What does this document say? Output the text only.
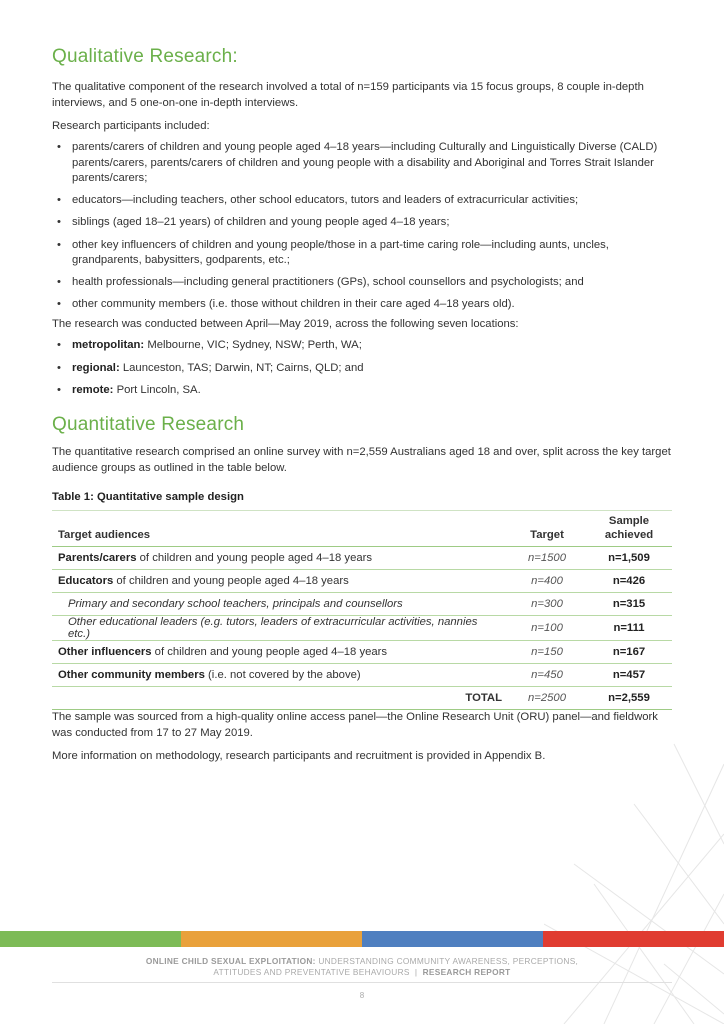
Qualitative Research:

The qualitative component of the research involved a total of n=159 participants via 15 focus groups, 8 couple in-depth interviews, and 5 one-on-one in-depth interviews.

Research participants included:

• parents/carers of children and young people aged 4–18 years—including Culturally and Linguistically Diverse (CALD) parents/carers, parents/carers of children and young people with a disability and Aboriginal and Torres Strait Islander parents/carers;
• educators—including teachers, other school educators, tutors and leaders of extracurricular activities;
• siblings (aged 18–21 years) of children and young people aged 4–18 years;
• other key influencers of children and young people/those in a part-time caring role—including aunts, uncles, grandparents, babysitters, godparents, etc.;
• health professionals—including general practitioners (GPs), school counsellors and psychologists; and
• other community members (i.e. those without children in their care aged 4–18 years old).

The research was conducted between April—May 2019, across the following seven locations:

• metropolitan: Melbourne, VIC; Sydney, NSW; Perth, WA;
• regional: Launceston, TAS; Darwin, NT; Cairns, QLD; and
• remote: Port Lincoln, SA.
Quantitative Research

The quantitative research comprised an online survey with n=2,559 Australians aged 18 and over, split across the key target audience groups as outlined in the table below.

Table 1: Quantitative sample design

Target audiences	Target	Sample
achieved
Parents/carers of children and young people aged 4–18 years	n=1500	n=1,509
Educators of children and young people aged 4–18 years	n=400	n=426
Primary and secondary school teachers, principals and counsellors	n=300	n=315
Other educational leaders (e.g. tutors, leaders of extracurricular activities, nannies etc.)	n=100	n=111
Other influencers of children and young people aged 4–18 years	n=150	n=167
Other community members (i.e. not covered by the above)	n=450	n=457
TOTAL	n=2500	n=2,559

The sample was sourced from a high-quality online access panel—the Online Research Unit (ORU) panel—and fieldwork was conducted from 17 to 27 May 2019.

More information on methodology, research participants and recruitment is provided in Appendix B.

ONLINE CHILD SEXUAL EXPLOITATION: UNDERSTANDING COMMUNITY AWARENESS, PERCEPTIONS,
ATTITUDES AND PREVENTATIVE BEHAVIOURS | RESEARCH REPORT
8
